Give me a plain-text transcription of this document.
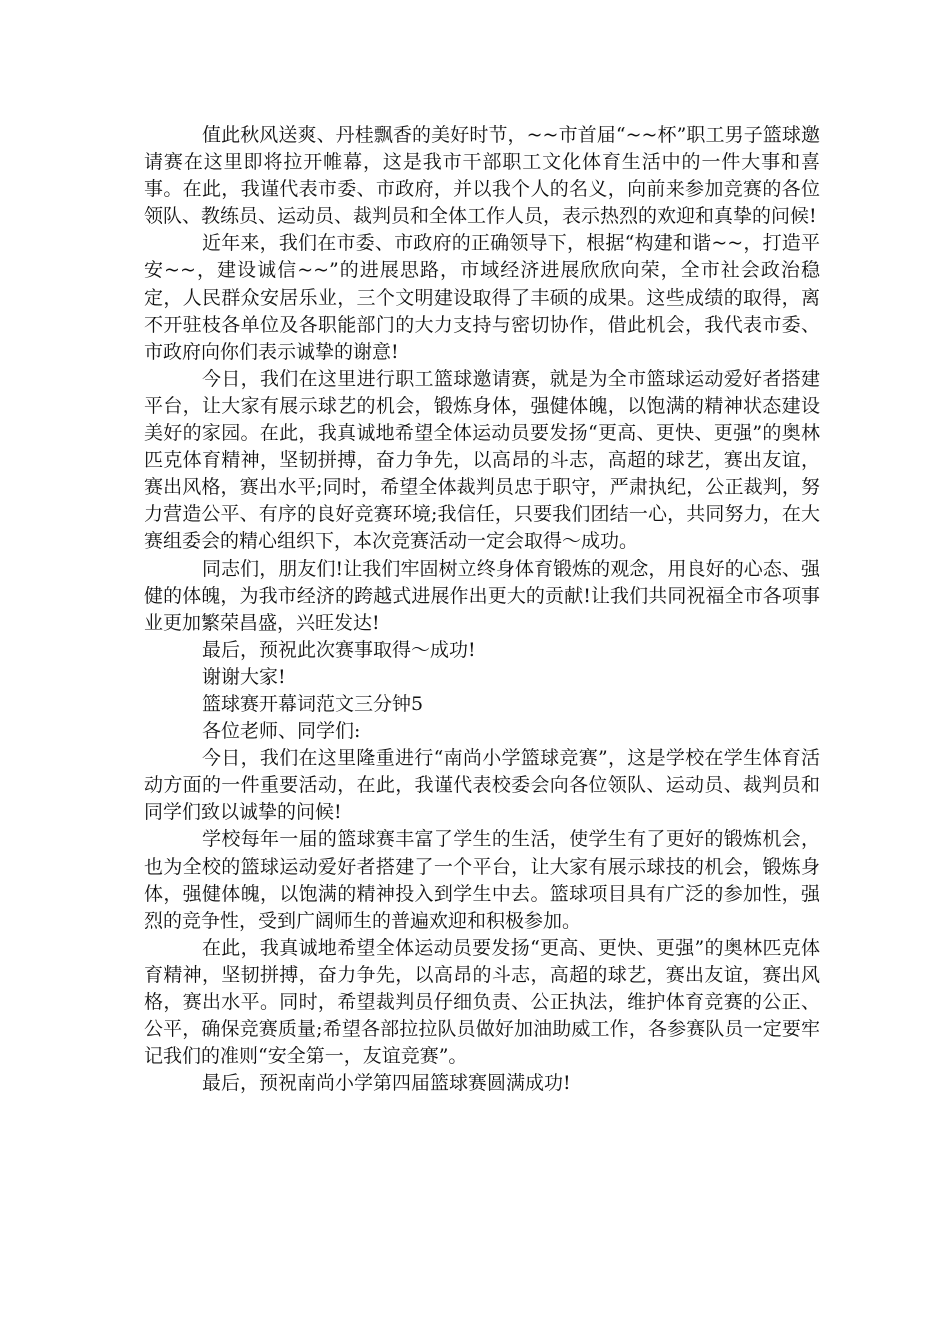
值此秋风送爽、丹桂飘香的美好时节，~~市首届“~~杯”职工男子篮球邀请赛在这里即将拉开帷幕，这是我市干部职工文化体育生活中的一件大事和喜事。在此，我谨代表市委、市政府，并以我个人的名义，向前来参加竞赛的各位领队、教练员、运动员、裁判员和全体工作人员，表示热烈的欢迎和真挚的问候!

近年来，我们在市委、市政府的正确领导下，根据“构建和谐~~，打造平安~~，建设诚信~~”的进展思路，市域经济进展欣欣向荣，全市社会政治稳定，人民群众安居乐业，三个文明建设取得了丰硕的成果。这些成绩的取得，离不开驻枝各单位及各职能部门的大力支持与密切协作，借此机会，我代表市委、市政府向你们表示诚挚的谢意!

今日，我们在这里进行职工篮球邀请赛，就是为全市篮球运动爱好者搭建平台，让大家有展示球艺的机会，锻炼身体，强健体魄，以饱满的精神状态建设美好的家园。在此，我真诚地希望全体运动员要发扬“更高、更快、更强”的奥林匹克体育精神，坚韧拼搏，奋力争先，以高昂的斗志，高超的球艺，赛出友谊，赛出风格，赛出水平;同时，希望全体裁判员忠于职守，严肃执纪，公正裁判，努力营造公平、有序的良好竞赛环境;我信任，只要我们团结一心，共同努力，在大赛组委会的精心组织下，本次竞赛活动一定会取得～成功。

同志们，朋友们!让我们牢固树立终身体育锻炼的观念，用良好的心态、强健的体魄，为我市经济的跨越式进展作出更大的贡献!让我们共同祝福全市各项事业更加繁荣昌盛，兴旺发达!

最后，预祝此次赛事取得～成功!

谢谢大家!

篮球赛开幕词范文三分钟5

各位老师、同学们:

今日，我们在这里隆重进行“南尚小学篮球竞赛”，这是学校在学生体育活动方面的一件重要活动，在此，我谨代表校委会向各位领队、运动员、裁判员和同学们致以诚挚的问候!

学校每年一届的篮球赛丰富了学生的生活，使学生有了更好的锻炼机会，也为全校的篮球运动爱好者搭建了一个平台，让大家有展示球技的机会，锻炼身体，强健体魄，以饱满的精神投入到学生中去。篮球项目具有广泛的参加性，强烈的竞争性，受到广阔师生的普遍欢迎和积极参加。

在此，我真诚地希望全体运动员要发扬“更高、更快、更强”的奥林匹克体育精神，坚韧拼搏，奋力争先，以高昂的斗志，高超的球艺，赛出友谊，赛出风格，赛出水平。同时，希望裁判员仔细负责、公正执法，维护体育竞赛的公正、公平，确保竞赛质量;希望各部拉拉队员做好加油助威工作，各参赛队员一定要牢记我们的准则“安全第一，友谊竞赛”。

最后，预祝南尚小学第四届篮球赛圆满成功!
